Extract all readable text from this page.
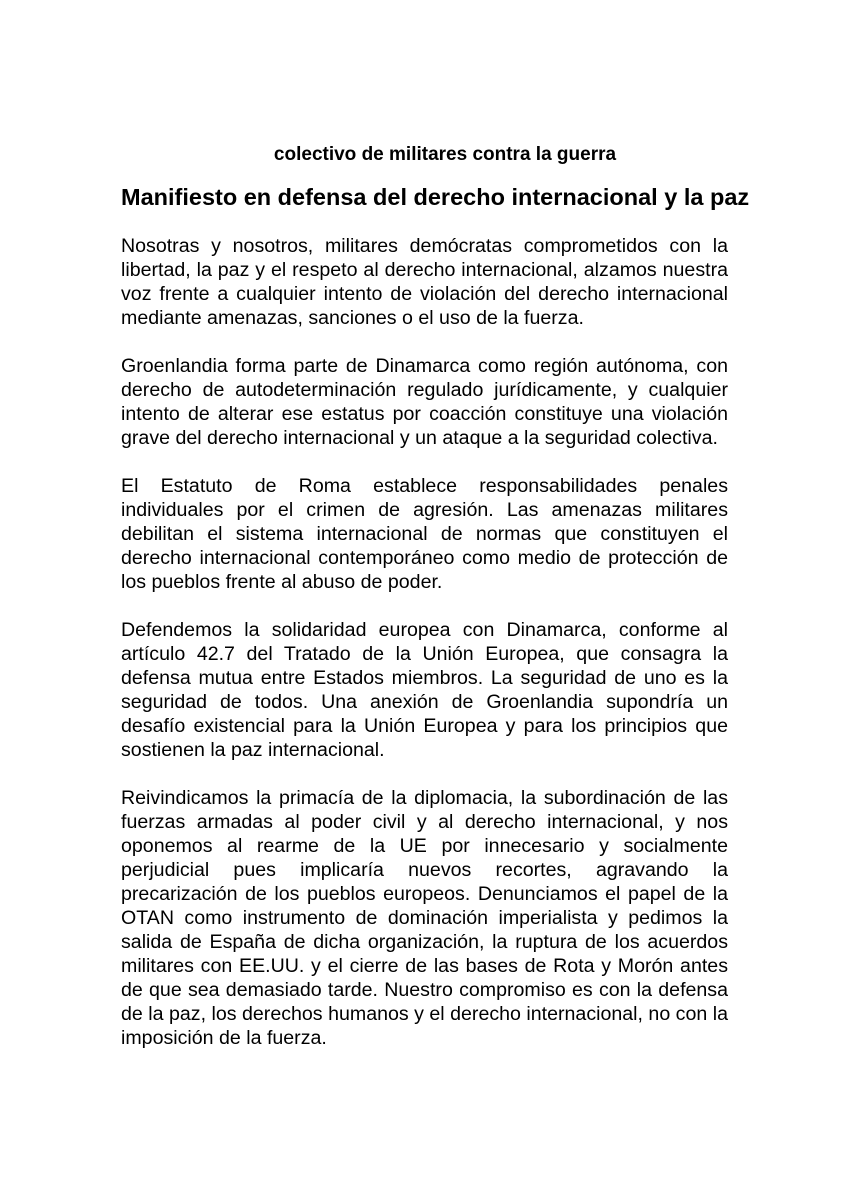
colectivo de militares contra la guerra
Manifiesto en defensa del derecho internacional y la paz

Nosotras y nosotros, militares demócratas comprometidos con la libertad, la paz y el respeto al derecho internacional, alzamos nuestra voz frente a cualquier intento de violación del derecho internacional mediante amenazas, sanciones o el uso de la fuerza.

Groenlandia forma parte de Dinamarca como región autónoma, con derecho de autodeterminación regulado jurídicamente, y cualquier intento de alterar ese estatus por coacción constituye una violación grave del derecho internacional y un ataque a la seguridad colectiva.

El Estatuto de Roma establece responsabilidades penales individuales por el crimen de agresión. Las amenazas militares debilitan el sistema internacional de normas que constituyen el derecho internacional contemporáneo como medio de protección de los pueblos frente al abuso de poder.

Defendemos la solidaridad europea con Dinamarca, conforme al artículo 42.7 del Tratado de la Unión Europea, que consagra la defensa mutua entre Estados miembros. La seguridad de uno es la seguridad de todos. Una anexión de Groenlandia supondría un desafío existencial para la Unión Europea y para los principios que sostienen la paz internacional.

Reivindicamos la primacía de la diplomacia, la subordinación de las fuerzas armadas al poder civil y al derecho internacional, y nos oponemos al rearme de la UE por innecesario y socialmente perjudicial pues implicaría nuevos recortes, agravando la precarización de los pueblos europeos. Denunciamos el papel de la OTAN como instrumento de dominación imperialista y pedimos la salida de España de dicha organización, la ruptura de los acuerdos militares con EE.UU. y el cierre de las bases de Rota y Morón antes de que sea demasiado tarde. Nuestro compromiso es con la defensa de la paz, los derechos humanos y el derecho internacional, no con la imposición de la fuerza.
